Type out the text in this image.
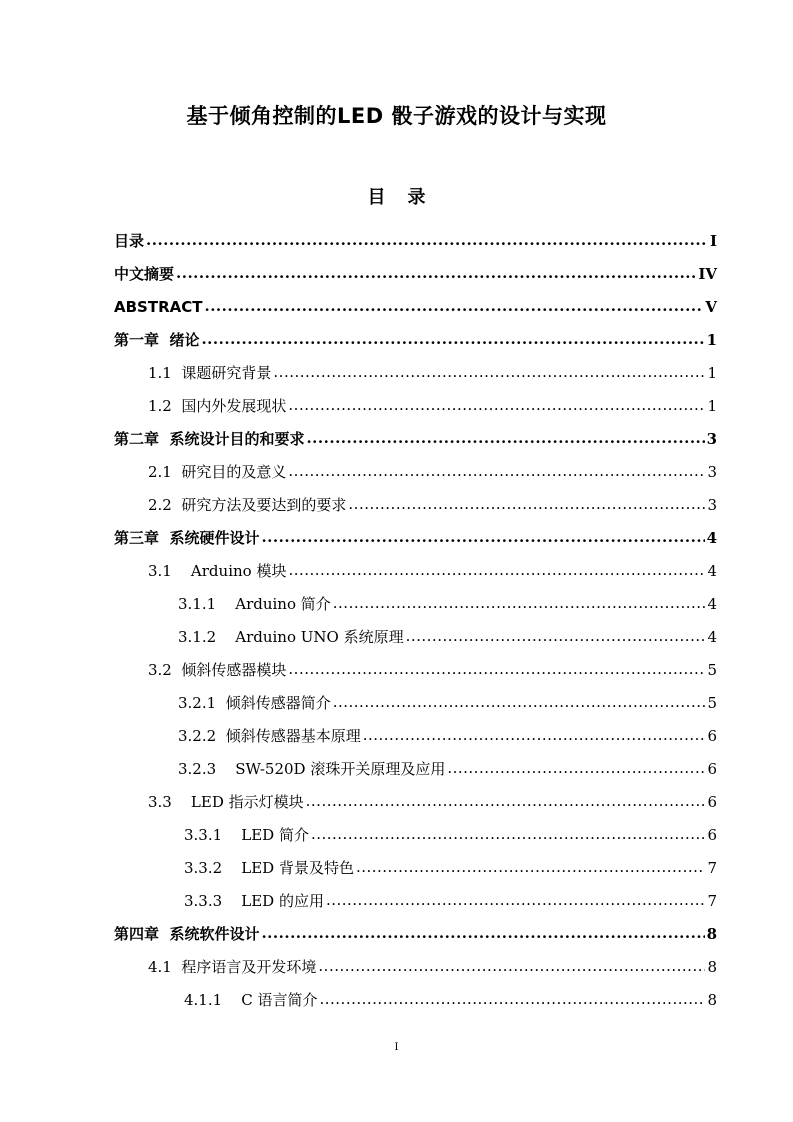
基于倾角控制的LED 骰子游戏的设计与实现
目 录
目录 .....	I
中文摘要 .....	IV
ABSTRACT .....	V
第一章  绪论 .....	1
1.1  课题研究背景 .....	1
1.2  国内外发展现状 .....	1
第二章  系统设计目的和要求 .....	3
2.1  研究目的及意义 .....	3
2.2  研究方法及要达到的要求 .....	3
第三章  系统硬件设计 .....	4
3.1    Arduino 模块 .....	4
3.1.1    Arduino 简介 .....	4
3.1.2    Arduino UNO 系统原理 .....	4
3.2  倾斜传感器模块 .....	5
3.2.1  倾斜传感器简介 .....	5
3.2.2  倾斜传感器基本原理 .....	6
3.2.3    SW-520D 滚珠开关原理及应用 .....	6
3.3    LED 指示灯模块 .....	6
3.3.1    LED 简介 .....	6
3.3.2    LED 背景及特色 .....	7
3.3.3    LED 的应用 .....	7
第四章  系统软件设计 .....	8
4.1  程序语言及开发环境 .....	8
4.1.1    C 语言简介 .....	8
I
